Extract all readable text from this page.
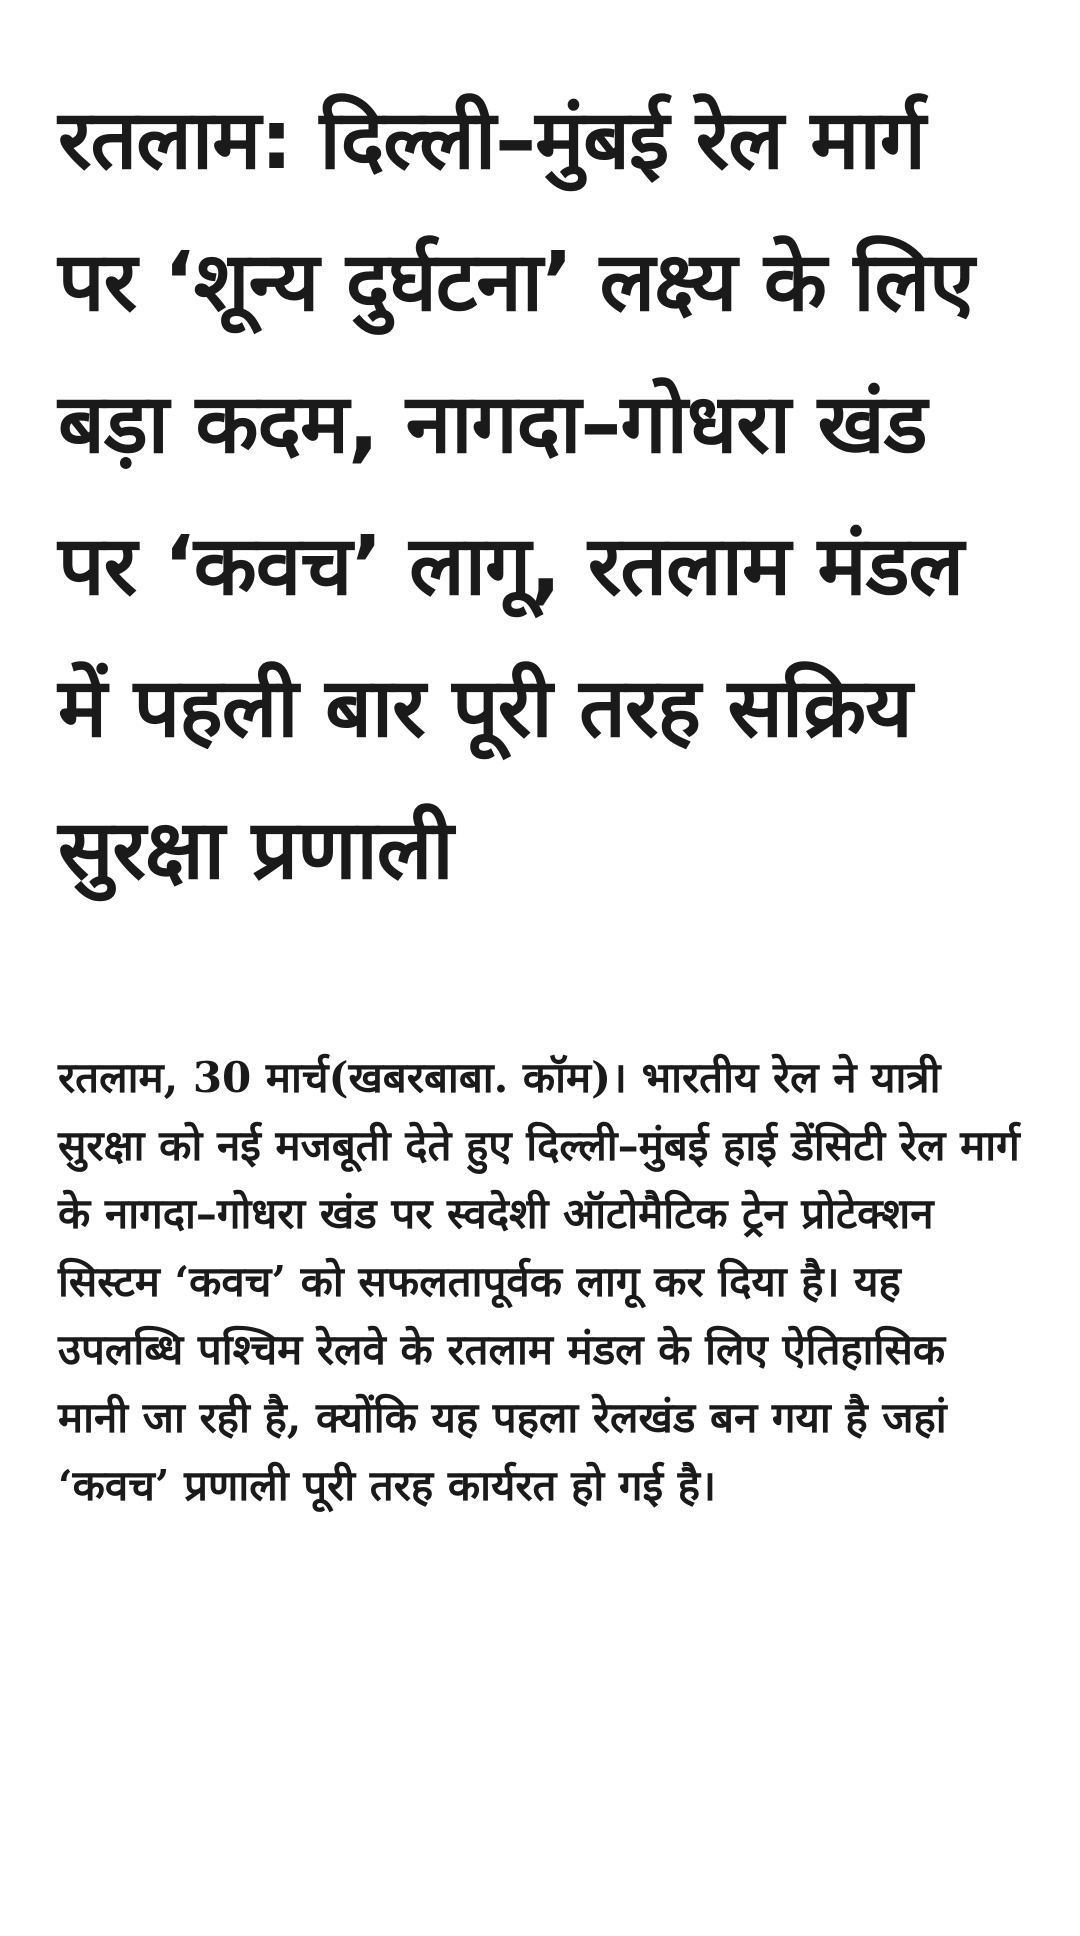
रतलाम: दिल्ली–मुंबई रेल मार्ग पर ‘शून्य दुर्घटना’ लक्ष्य के लिए बड़ा कदम, नागदा–गोधरा खंड पर ‘कवच’ लागू, रतलाम मंडल में पहली बार पूरी तरह सक्रिय सुरक्षा प्रणाली

रतलाम, 30 मार्च(खबरबाबा. कॉम)। भारतीय रेल ने यात्री सुरक्षा को नई मजबूती देते हुए दिल्ली–मुंबई हाई डेंसिटी रेल मार्ग के नागदा–गोधरा खंड पर स्वदेशी ऑटोमैटिक ट्रेन प्रोटेक्शन सिस्टम ‘कवच’ को सफलतापूर्वक लागू कर दिया है। यह उपलब्धि पश्चिम रेलवे के रतलाम मंडल के लिए ऐतिहासिक मानी जा रही है, क्योंकि यह पहला रेलखंड बन गया है जहां ‘कवच’ प्रणाली पूरी तरह कार्यरत हो गई है।
